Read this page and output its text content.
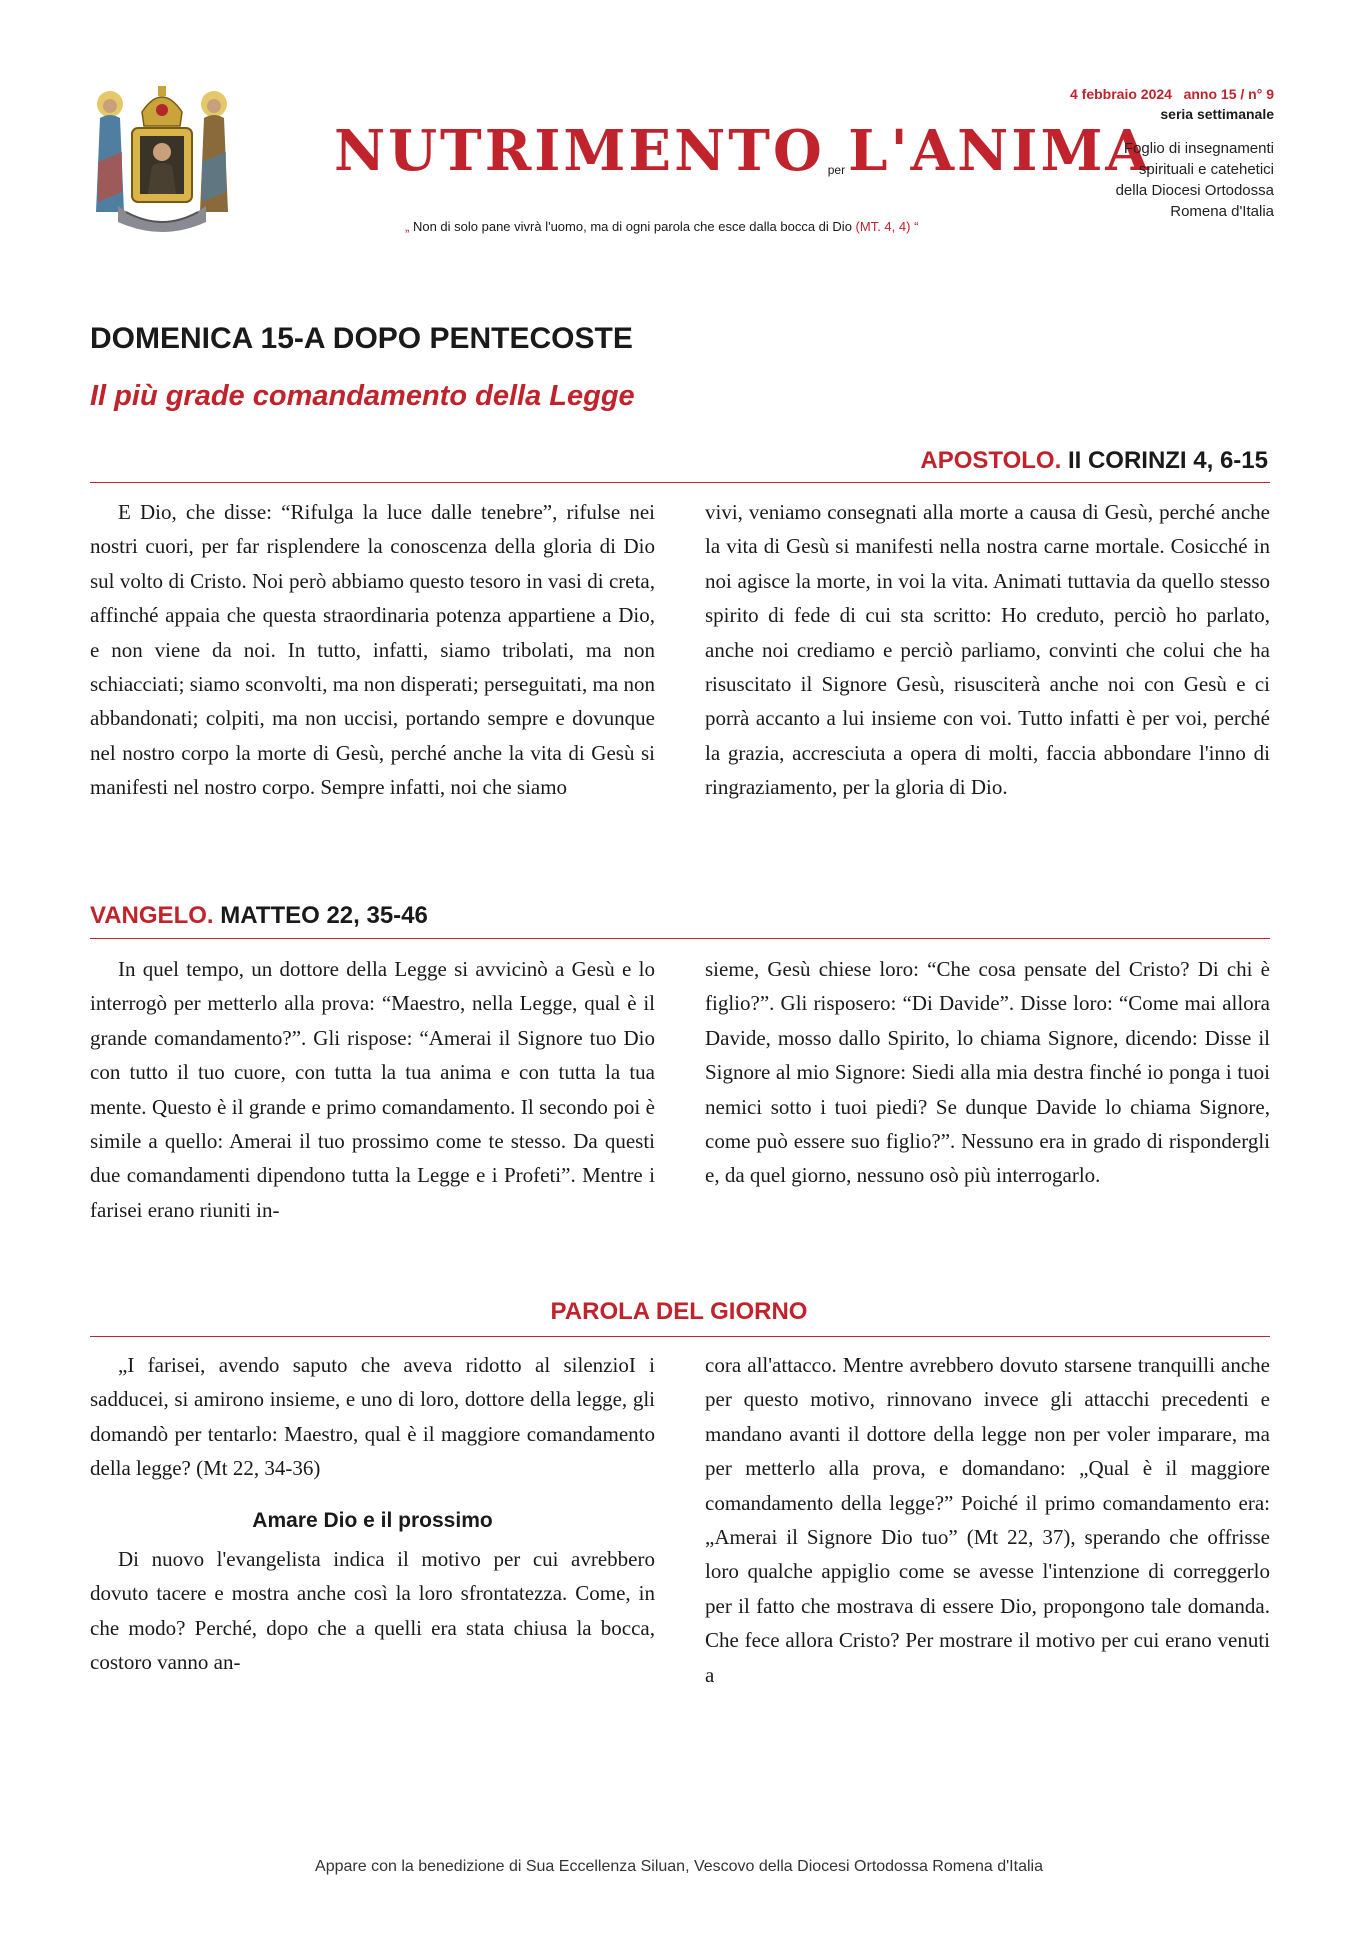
NUTRIMENTO perL'ANIMA
„ Non di solo pane vivrà l'uomo, ma di ogni parola che esce dalla bocca di Dio (MT. 4, 4) “
4 febbraio 2024 anno 15 / n° 9
seria settimanale
Foglio di insegnamenti
spirituali e catehetici
della Diocesi Ortodossa
Romena d'Italia
DOMENICA 15-A DOPO PENTECOSTE
Il più grade comandamento della Legge
APOSTOLO. II CORINZI 4, 6-15

E Dio, che disse: “Rifulga la luce dalle tenebre”, rifulse nei nostri cuori, per far risplendere la conoscenza della gloria di Dio sul volto di Cristo. Noi però abbiamo questo tesoro in vasi di creta, affinché appaia che questa straordinaria potenza appartiene a Dio, e non viene da noi. In tutto, infatti, siamo tribolati, ma non schiacciati; siamo sconvolti, ma non disperati; perseguitati, ma non abbandonati; colpiti, ma non uccisi, portando sempre e dovunque nel nostro corpo la morte di Gesù, perché anche la vita di Gesù si manifesti nel nostro corpo. Sempre infatti, noi che siamo

vivi, veniamo consegnati alla morte a causa di Gesù, perché anche la vita di Gesù si manifesti nella nostra carne mortale. Cosicché in noi agisce la morte, in voi la vita. Animati tuttavia da quello stesso spirito di fede di cui sta scritto: Ho creduto, perciò ho parlato, anche noi crediamo e perciò parliamo, convinti che colui che ha risuscitato il Signore Gesù, risusciterà anche noi con Gesù e ci porrà accanto a lui insieme con voi. Tutto infatti è per voi, perché la grazia, accresciuta a opera di molti, faccia abbondare l'inno di ringraziamento, per la gloria di Dio.

VANGELO. MATTEO 22, 35-46

In quel tempo, un dottore della Legge si avvicinò a Gesù e lo interrogò per metterlo alla prova: “Maestro, nella Legge, qual è il grande comandamento?”. Gli rispose: “Amerai il Signore tuo Dio con tutto il tuo cuore, con tutta la tua anima e con tutta la tua mente. Questo è il grande e primo comandamento. Il secondo poi è simile a quello: Amerai il tuo prossimo come te stesso. Da questi due comandamenti dipendono tutta la Legge e i Profeti”. Mentre i farisei erano riuniti in-

sieme, Gesù chiese loro: “Che cosa pensate del Cristo? Di chi è figlio?”. Gli risposero: “Di Davide”. Disse loro: “Come mai allora Davide, mosso dallo Spirito, lo chiama Signore, dicendo: Disse il Signore al mio Signore: Siedi alla mia destra finché io ponga i tuoi nemici sotto i tuoi piedi? Se dunque Davide lo chiama Signore, come può essere suo figlio?”. Nessuno era in grado di rispondergli e, da quel giorno, nessuno osò più interrogarlo.

PAROLA DEL GIORNO

„I farisei, avendo saputo che aveva ridotto al silenzioI i sadducei, si amirono insieme, e uno di loro, dottore della legge, gli domandò per tentarlo: Maestro, qual è il maggiore comandamento della legge? (Mt 22, 34-36)

Amare Dio e il prossimo

Di nuovo l'evangelista indica il motivo per cui avrebbero dovuto tacere e mostra anche così la loro sfrontatezza. Come, in che modo? Perché, dopo che a quelli era stata chiusa la bocca, costoro vanno an-

cora all'attacco. Mentre avrebbero dovuto starsene tranquilli anche per questo motivo, rinnovano invece gli attacchi precedenti e mandano avanti il dottore della legge non per voler imparare, ma per metterlo alla prova, e domandano: „Qual è il maggiore comandamento della legge?” Poiché il primo comandamento era: „Amerai il Signore Dio tuo” (Mt 22, 37), sperando che offrisse loro qualche appiglio come se avesse l'intenzione di correggerlo per il fatto che mostrava di essere Dio, propongono tale domanda. Che fece allora Cristo? Per mostrare il motivo per cui erano venuti a

Appare con la benedizione di Sua Eccellenza Siluan, Vescovo della Diocesi Ortodossa Romena d'Italia
